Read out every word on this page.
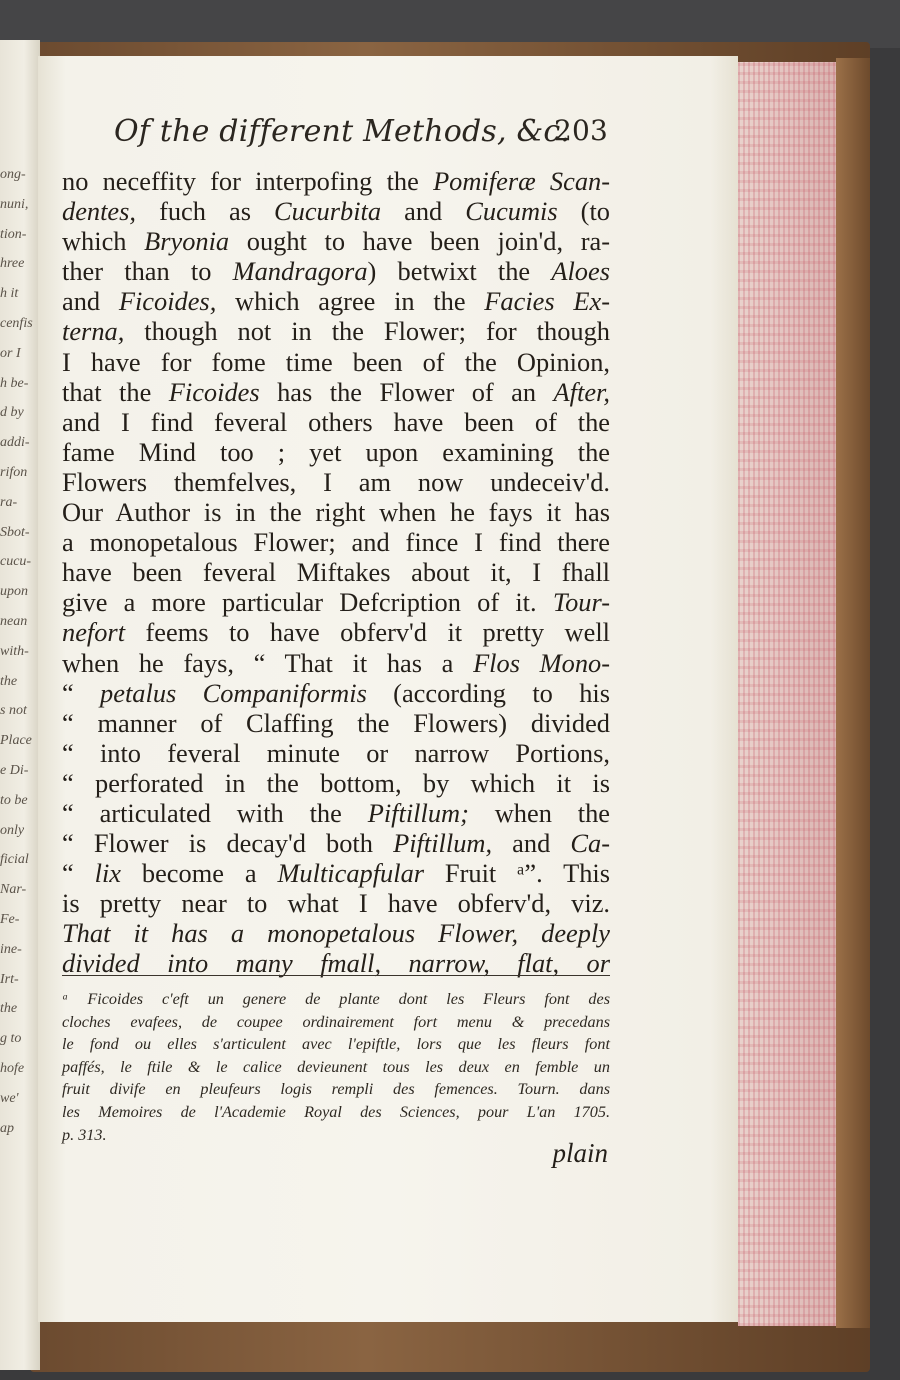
ong-
nuni,
tion-
hree
h it
cenfis
or I
h be-
d by
addi-
rifon
ra-
Sbot-
cucu-
upon
nean
with-
the
s not
Place
e Di-
to be
only
ficial
Nar-
Fe-
ine-
Irt-
the
g to
hofe
we'
ap
Of the different Methods, &c.
203
no neceffity for interpofing the Pomiferæ Scan-
dentes, fuch as Cucurbita and Cucumis (to
which Bryonia ought to have been join'd, ra-
ther than to Mandragora) betwixt the Aloes
and Ficoides, which agree in the Facies Ex-
terna, though not in the Flower; for though
I have for fome time been of the Opinion,
that the Ficoides has the Flower of an After,
and I find feveral others have been of the
fame Mind too ; yet upon examining the
Flowers themfelves, I am now undeceiv'd.
Our Author is in the right when he fays it has
a monopetalous Flower; and fince I find there
have been feveral Miftakes about it, I fhall
give a more particular Defcription of it. Tour-
nefort feems to have obferv'd it pretty well
when he fays, “ That it has a Flos Mono-
“ petalus Companiformis (according to his
“ manner of Claffing the Flowers) divided
“ into feveral minute or narrow Portions,
“ perforated in the bottom, by which it is
“ articulated with the Piftillum; when the
“ Flower is decay'd both Piftillum, and Ca-
“ lix become a Multicapfular Fruit ᵃ”. This
is pretty near to what I have obferv'd, viz.
That it has a monopetalous Flower, deeply
divided into many fmall, narrow, flat, or
ᵃ Ficoides c'eft un genere de plante dont les Fleurs font des
cloches evafees, de coupee ordinairement fort menu & precedans
le fond ou elles s'articulent avec l'epiftle, lors que les fleurs font
paffés, le ftile & le calice devieunent tous les deux en femble un
fruit divife en pleufeurs logis rempli des femences. Tourn. dans
les Memoires de l'Academie Royal des Sciences, pour L'an 1705.
p. 313.
plain
